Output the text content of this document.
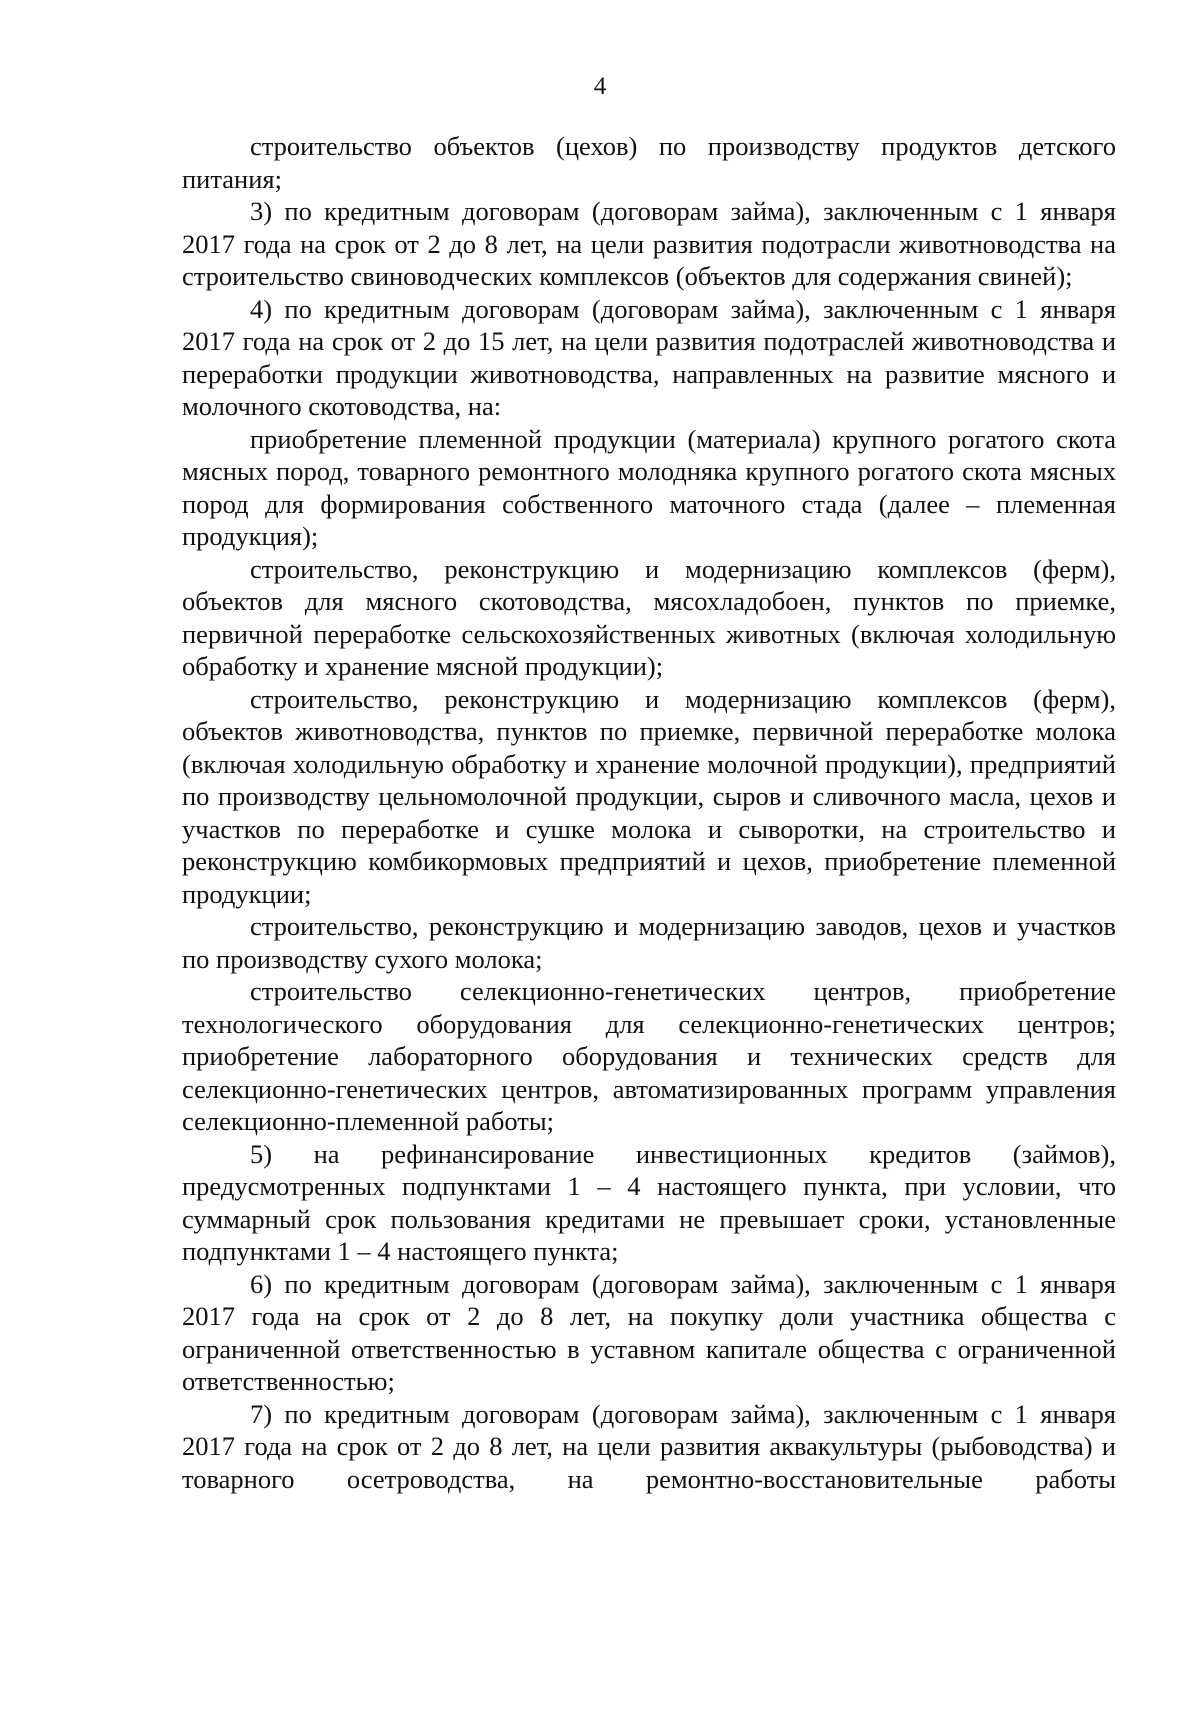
4

строительство объектов (цехов) по производству продуктов детского питания;

3) по кредитным договорам (договорам займа), заключенным с 1 января 2017 года на срок от 2 до 8 лет, на цели развития подотрасли животноводства на строительство свиноводческих комплексов (объектов для содержания свиней);

4) по кредитным договорам (договорам займа), заключенным с 1 января 2017 года на срок от 2 до 15 лет, на цели развития подотраслей животноводства и переработки продукции животноводства, направленных на развитие мясного и молочного скотоводства, на:

приобретение племенной продукции (материала) крупного рогатого скота мясных пород, товарного ремонтного молодняка крупного рогатого скота мясных пород для формирования собственного маточного стада (далее – племенная продукция);

строительство, реконструкцию и модернизацию комплексов (ферм), объектов для мясного скотоводства, мясохладобоен, пунктов по приемке, первичной переработке сельскохозяйственных животных (включая холодильную обработку и хранение мясной продукции);

строительство, реконструкцию и модернизацию комплексов (ферм), объектов животноводства, пунктов по приемке, первичной переработке молока (включая холодильную обработку и хранение молочной продукции), предприятий по производству цельномолочной продукции, сыров и сливочного масла, цехов и участков по переработке и сушке молока и сыворотки, на строительство и реконструкцию комбикормовых предприятий и цехов, приобретение племенной продукции;

строительство, реконструкцию и модернизацию заводов, цехов и участков по производству сухого молока;

строительство селекционно-генетических центров, приобретение технологического оборудования для селекционно-генетических центров; приобретение лабораторного оборудования и технических средств для селекционно-генетических центров, автоматизированных программ управления селекционно-племенной работы;

5) на рефинансирование инвестиционных кредитов (займов), предусмотренных подпунктами 1 – 4 настоящего пункта, при условии, что суммарный срок пользования кредитами не превышает сроки, установленные подпунктами 1 – 4 настоящего пункта;

6) по кредитным договорам (договорам займа), заключенным с 1 января 2017 года на срок от 2 до 8 лет, на покупку доли участника общества с ограниченной ответственностью в уставном капитале общества с ограниченной ответственностью;

7) по кредитным договорам (договорам займа), заключенным с 1 января 2017 года на срок от 2 до 8 лет, на цели развития аквакультуры (рыбоводства) и товарного осетроводства, на ремонтно-восстановительные работы
